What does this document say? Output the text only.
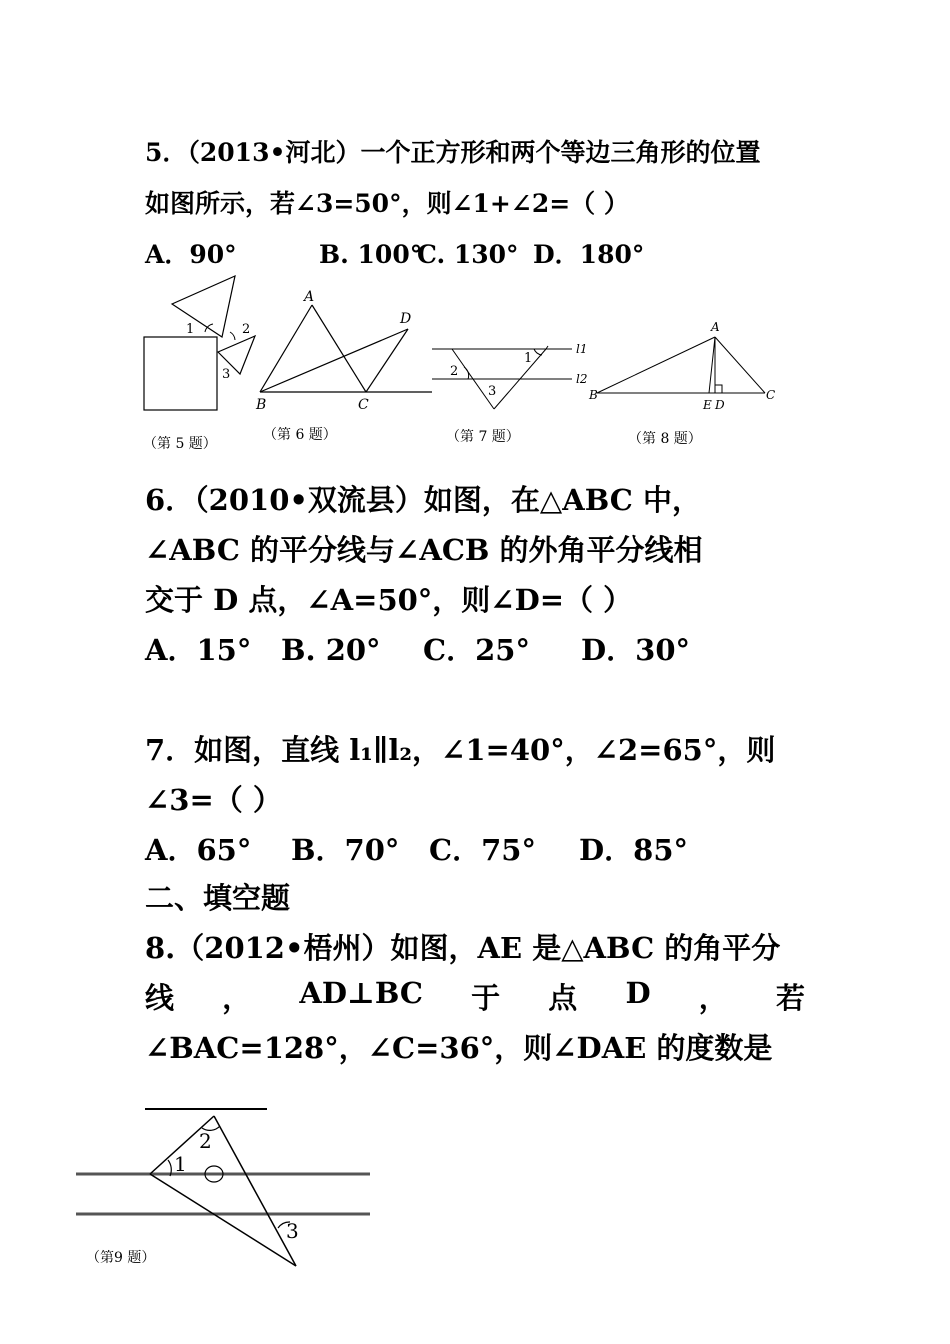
5．（2013•河北）一个正方形和两个等边三角形的位置
如图所示，若∠3=50°，则∠1+∠2=（ ）
A．90°	B. 100°C. 130° D．180°
1	2
3
（第 5 题）
A
D
B	C
（第 6 题）
1
2
3
l1
l2
（第 7 题）
A
B
E D
C
（第 8 题）
6．（2010•双流县）如图，在△ABC 中，
∠ABC 的平分线与∠ACB 的外角平分线相
交于 D 点，∠A=50°，则∠D=（ ）
A．15° B. 20° C．25° D．30°
7．如图，直线 l₁∥l₂，∠1=40°，∠2=65°，则
∠3=（ ）
A．65° B．70° C．75° D．85°
二、填空题
8.（2012•梧州）如图，AE 是△ABC 的角平分
线 ， AD⊥BC 于 点 D ， 若
∠BAC=128°，∠C=36°，则∠DAE 的度数是
2
1
3
（第9 题）
